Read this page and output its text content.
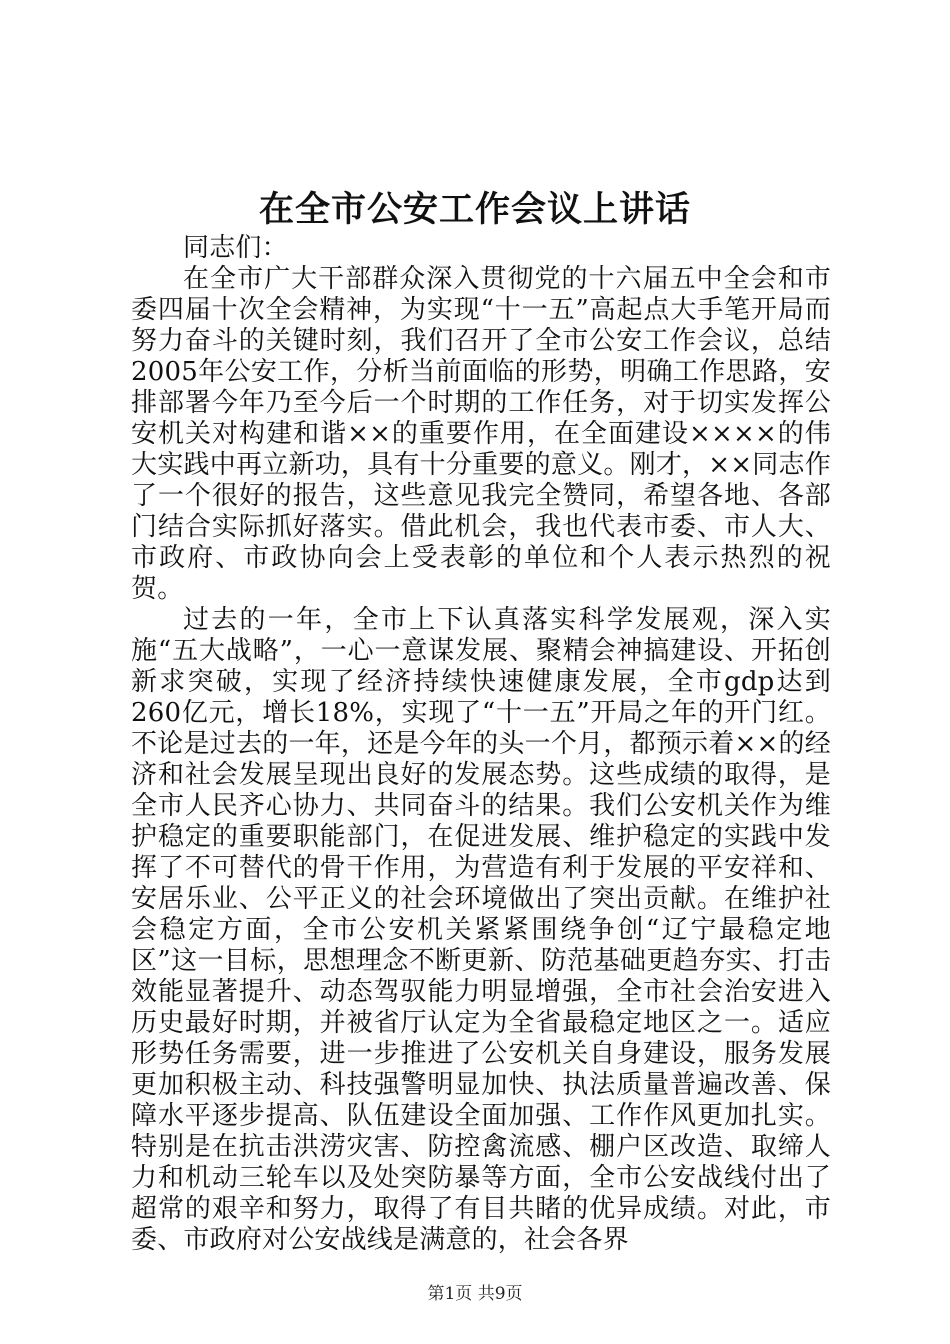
在全市公安工作会议上讲话

同志们：

在全市广大干部群众深入贯彻党的十六届五中全会和市委四届十次全会精神，为实现“十一五”高起点大手笔开局而努力奋斗的关键时刻，我们召开了全市公安工作会议，总结2005年公安工作，分析当前面临的形势，明确工作思路，安排部署今年乃至今后一个时期的工作任务，对于切实发挥公安机关对构建和谐××的重要作用，在全面建设××××的伟大实践中再立新功，具有十分重要的意义。刚才，××同志作了一个很好的报告，这些意见我完全赞同，希望各地、各部门结合实际抓好落实。借此机会，我也代表市委、市人大、市政府、市政协向会上受表彰的单位和个人表示热烈的祝贺。

过去的一年，全市上下认真落实科学发展观，深入实施“五大战略”，一心一意谋发展、聚精会神搞建设、开拓创新求突破，实现了经济持续快速健康发展，全市gdp达到260亿元，增长18%，实现了“十一五”开局之年的开门红。不论是过去的一年，还是今年的头一个月，都预示着××的经济和社会发展呈现出良好的发展态势。这些成绩的取得，是全市人民齐心协力、共同奋斗的结果。我们公安机关作为维护稳定的重要职能部门，在促进发展、维护稳定的实践中发挥了不可替代的骨干作用，为营造有利于发展的平安祥和、安居乐业、公平正义的社会环境做出了突出贡献。在维护社会稳定方面，全市公安机关紧紧围绕争创“辽宁最稳定地区”这一目标，思想理念不断更新、防范基础更趋夯实、打击效能显著提升、动态驾驭能力明显增强，全市社会治安进入历史最好时期，并被省厅认定为全省最稳定地区之一。适应形势任务需要，进一步推进了公安机关自身建设，服务发展更加积极主动、科技强警明显加快、执法质量普遍改善、保障水平逐步提高、队伍建设全面加强、工作作风更加扎实。特别是在抗击洪涝灾害、防控禽流感、棚户区改造、取缔人力和机动三轮车以及处突防暴等方面，全市公安战线付出了超常的艰辛和努力，取得了有目共睹的优异成绩。对此，市委、市政府对公安战线是满意的，社会各界

第1页 共9页
